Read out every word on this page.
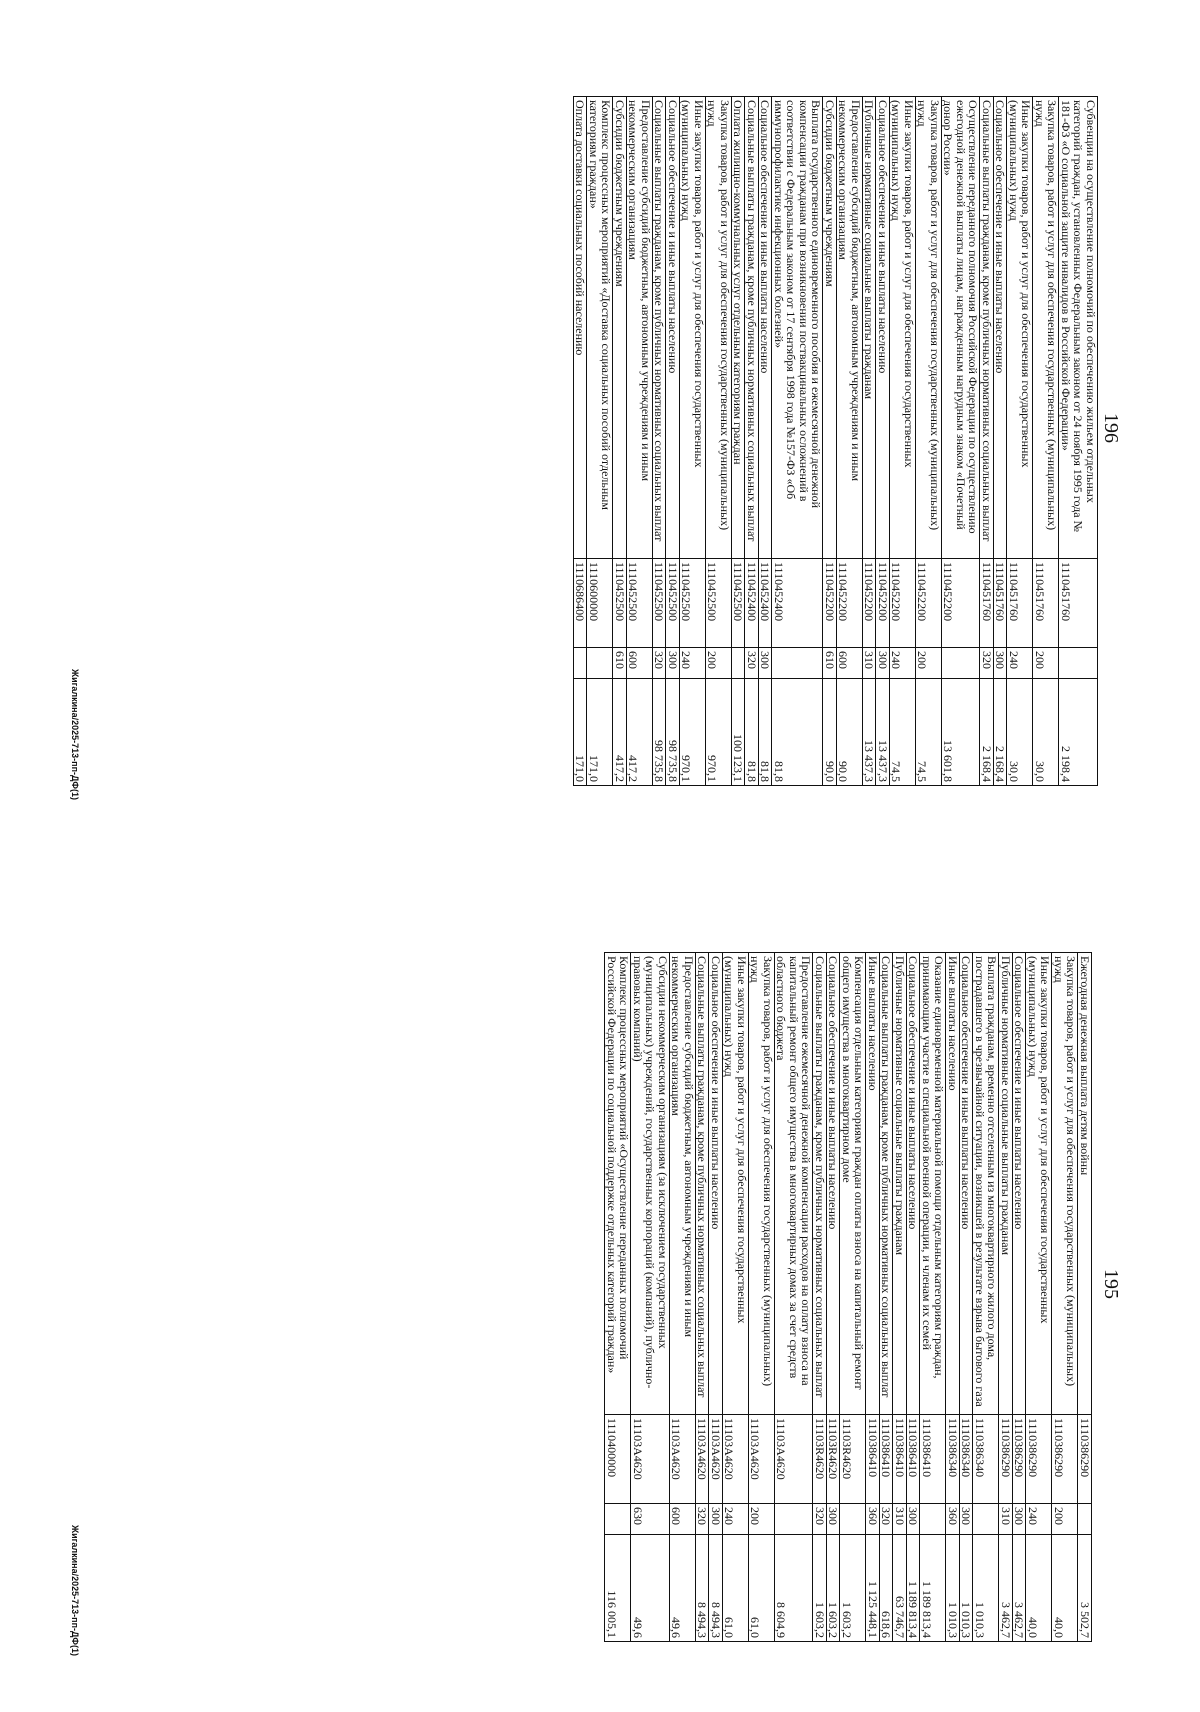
196
Субвенции на осуществление полномочий по обеспечению жильем отдельных категорий граждан, установленных Федеральным законом от 24 ноября 1995 года № 181-ФЗ «О социальной защите инвалидов в Российской Федерации»	1110451760		2 198,4
Закупка товаров, работ и услуг для обеспечения государственных (муниципальных) нужд	1110451760	200	30,0
Иные закупки товаров, работ и услуг для обеспечения государственных (муниципальных) нужд	1110451760	240	30,0
Социальное обеспечение и иные выплаты населению	1110451760	300	2 168,4
Социальные выплаты гражданам, кроме публичных нормативных социальных выплат	1110451760	320	2 168,4
Осуществление переданного полномочия Российской Федерации по осуществлению ежегодной денежной выплаты лицам, награжденным нагрудным знаком «Почетный донор России»	1110452200		13 601,8
Закупка товаров, работ и услуг для обеспечения государственных (муниципальных) нужд	1110452200	200	74,5
Иные закупки товаров, работ и услуг для обеспечения государственных (муниципальных) нужд	1110452200	240	74,5
Социальное обеспечение и иные выплаты населению	1110452200	300	13 437,3
Публичные нормативные социальные выплаты гражданам	1110452200	310	13 437,3
Предоставление субсидий бюджетным, автономным учреждениям и иным некоммерческим организациям	1110452200	600	90,0
Субсидии бюджетным учреждениям	1110452200	610	90,0
Выплата государственного единовременного пособия и ежемесячной денежной компенсации гражданам при возникновении поствакцинальных осложнений в соответствии с Федеральным законом от 17 сентября 1998 года №157-ФЗ «Об иммунопрофилактике инфекционных болезней»	1110452400		81,8
Социальное обеспечение и иные выплаты населению	1110452400	300	81,8
Социальные выплаты гражданам, кроме публичных нормативных социальных выплат	1110452400	320	81,8
Оплата жилищно-коммунальных услуг отдельным категориям граждан	1110452500		100 123,1
Закупка товаров, работ и услуг для обеспечения государственных (муниципальных) нужд	1110452500	200	970,1
Иные закупки товаров, работ и услуг для обеспечения государственных (муниципальных) нужд	1110452500	240	970,1
Социальное обеспечение и иные выплаты населению	1110452500	300	98 735,8
Социальные выплаты гражданам, кроме публичных нормативных социальных выплат	1110452500	320	98 735,8
Предоставление субсидий бюджетным, автономным учреждениям и иным некоммерческим организациям	1110452500	600	417,2
Субсидии бюджетным учреждениям	1110452500	610	417,2
Комплекс процессных мероприятий «Доставка социальных пособий отдельным категориям граждан»	1110600000		171,0
Оплата доставки социальных пособий населению	1110686400		171,0
Жигалкина/2025-713-пп-ДФ(1)
195
Ежегодная денежная выплата детям войны	1110386290		3 502,7
Закупка товаров, работ и услуг для обеспечения государственных (муниципальных) нужд	1110386290	200	40,0
Иные закупки товаров, работ и услуг для обеспечения государственных (муниципальных) нужд	1110386290	240	40,0
Социальное обеспечение и иные выплаты населению	1110386290	300	3 462,7
Публичные нормативные социальные выплаты гражданам	1110386290	310	3 462,7
Выплата гражданам, временно отселенным из многоквартирного жилого дома, пострадавшего в чрезвычайной ситуации, возникшей в результате взрыва бытового газа	1110386340		1 010,3
Социальное обеспечение и иные выплаты населению	1110386340	300	1 010,3
Иные выплаты населению	1110386340	360	1 010,3
Оказание единовременной материальной помощи отдельным категориям граждан, принимающим участие в специальной военной операции, и членам их семей	1110386410		1 189 813,4
Социальное обеспечение и иные выплаты населению	1110386410	300	1 189 813,4
Публичные нормативные социальные выплаты гражданам	1110386410	310	63 746,7
Социальные выплаты гражданам, кроме публичных нормативных социальных выплат	1110386410	320	618,6
Иные выплаты населению	1110386410	360	1 125 448,1
Компенсация отдельным категориям граждан оплаты взноса на капитальный ремонт общего имущества в многоквартирном доме	11103R4620		1 603,2
Социальное обеспечение и иные выплаты населению	11103R4620	300	1 603,2
Социальные выплаты гражданам, кроме публичных нормативных социальных выплат	11103R4620	320	1 603,2
Предоставление ежемесячной денежной компенсации расходов на оплату взноса на капитальный ремонт общего имущества в многоквартирных домах за счет средств областного бюджета	11103A4620		8 604,9
Закупка товаров, работ и услуг для обеспечения государственных (муниципальных) нужд	11103A4620	200	61,0
Иные закупки товаров, работ и услуг для обеспечения государственных (муниципальных) нужд	11103A4620	240	61,0
Социальное обеспечение и иные выплаты населению	11103A4620	300	8 494,3
Социальные выплаты гражданам, кроме публичных нормативных социальных выплат	11103A4620	320	8 494,3
Предоставление субсидий бюджетным, автономным учреждениям и иным некоммерческим организациям	11103A4620	600	49,6
Субсидии некоммерческим организациям (за исключением государственных (муниципальных) учреждений, государственных корпораций (компаний), публично-правовых компаний)	11103A4620	630	49,6
Комплекс процессных мероприятий «Осуществление переданных полномочий Российской Федерации по социальной поддержке отдельных категорий граждан»	1110400000		116 005,1
Жигалкина/2025-713-пп-ДФ(1)
